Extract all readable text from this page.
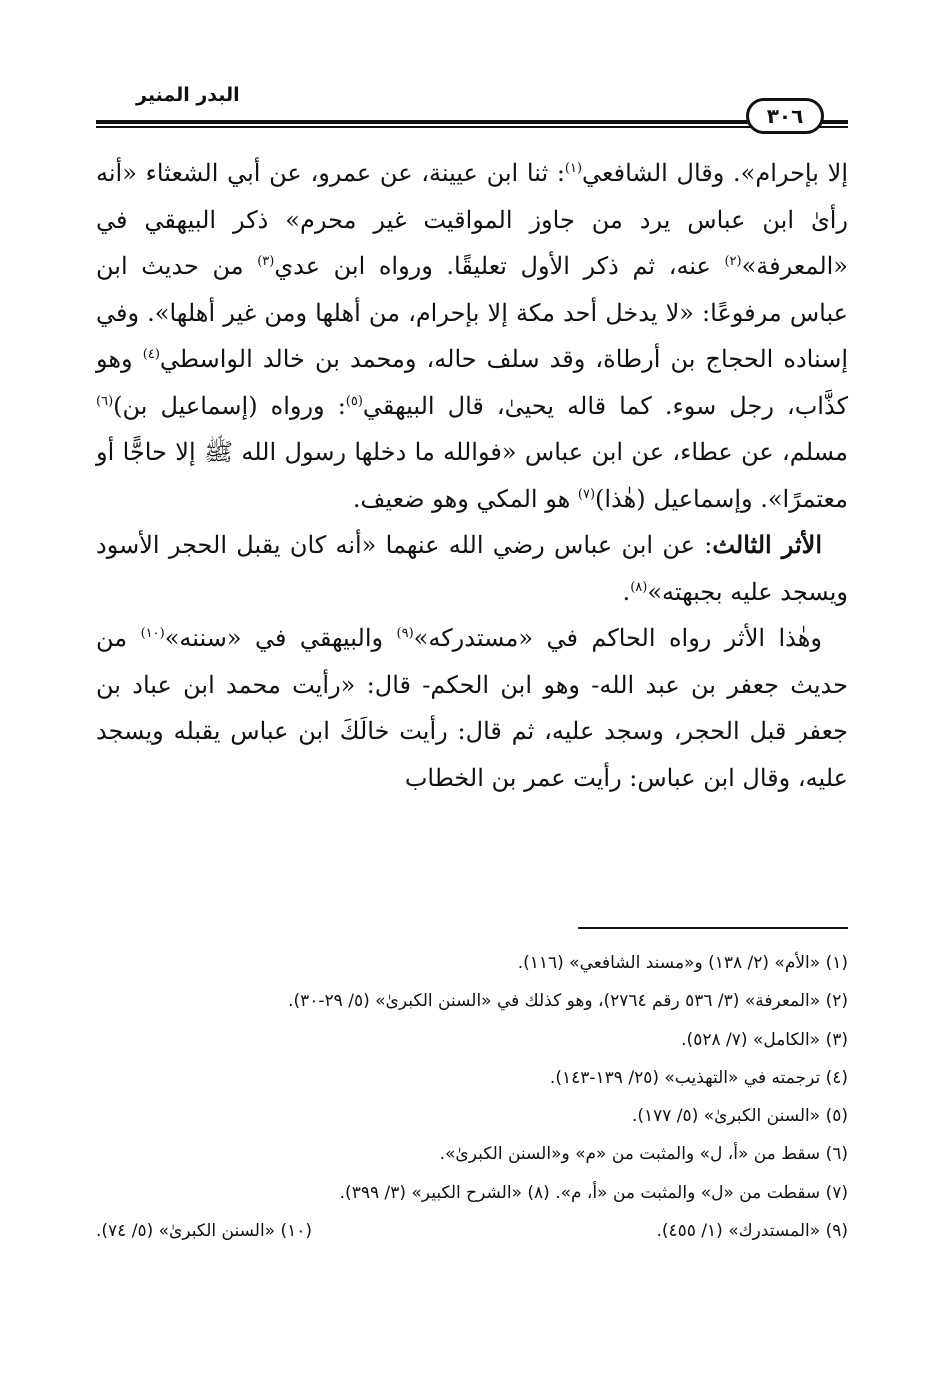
البدر المنير
٣٠٦

إلا بإحرام». وقال الشافعي$^{(١)}$: ثنا ابن عيينة، عن عمرو، عن أبي الشعثاء «أنه رأىٰ ابن عباس يرد من جاوز المواقيت غير محرم» ذكر البيهقي في «المعرفة»$^{(٢)}$ عنه، ثم ذكر الأول تعليقًا. ورواه ابن عدي$^{(٣)}$ من حديث ابن عباس مرفوعًا: «لا يدخل أحد مكة إلا بإحرام، من أهلها ومن غير أهلها». وفي إسناده الحجاج بن أرطاة، وقد سلف حاله، ومحمد بن خالد الواسطي$^{(٤)}$ وهو كذَّاب، رجل سوء. كما قاله يحيىٰ، قال البيهقي$^{(٥)}$: ورواه (إسماعيل بن)$^{(٦)}$ مسلم، عن عطاء، عن ابن عباس «فوالله ما دخلها رسول الله ﷺ إلا حاجًّا أو معتمرًا». وإسماعيل (هٰذا)$^{(٧)}$ هو المكي وهو ضعيف.

الأثر الثالث: عن ابن عباس رضي الله عنهما «أنه كان يقبل الحجر الأسود ويسجد عليه بجبهته»$^{(٨)}$.

وهٰذا الأثر رواه الحاكم في «مستدركه»$^{(٩)}$ والبيهقي في «سننه»$^{(١٠)}$ من حديث جعفر بن عبد الله- وهو ابن الحكم- قال: «رأيت محمد ابن عباد بن جعفر قبل الحجر، وسجد عليه، ثم قال: رأيت خالَكَ ابن عباس يقبله ويسجد عليه، وقال ابن عباس: رأيت عمر بن الخطاب

(١) «الأم» (٢/ ١٣٨) و«مسند الشافعي» (١١٦).
(٢) «المعرفة» (٣/ ٥٣٦ رقم ٢٧٦٤)، وهو كذلك في «السنن الكبرىٰ» (٥/ ٢٩-٣٠).
(٣) «الكامل» (٧/ ٥٢٨).
(٤) ترجمته في «التهذيب» (٢٥/ ١٣٩-١٤٣).
(٥) «السنن الكبرىٰ» (٥/ ١٧٧).
(٦) سقط من «أ، ل» والمثبت من «م» و«السنن الكبرىٰ».
(٧) سقطت من «ل» والمثبت من «أ، م». (٨) «الشرح الكبير» (٣/ ٣٩٩).
(٩) «المستدرك» (١/ ٤٥٥).
(١٠) «السنن الكبرىٰ» (٥/ ٧٤).
